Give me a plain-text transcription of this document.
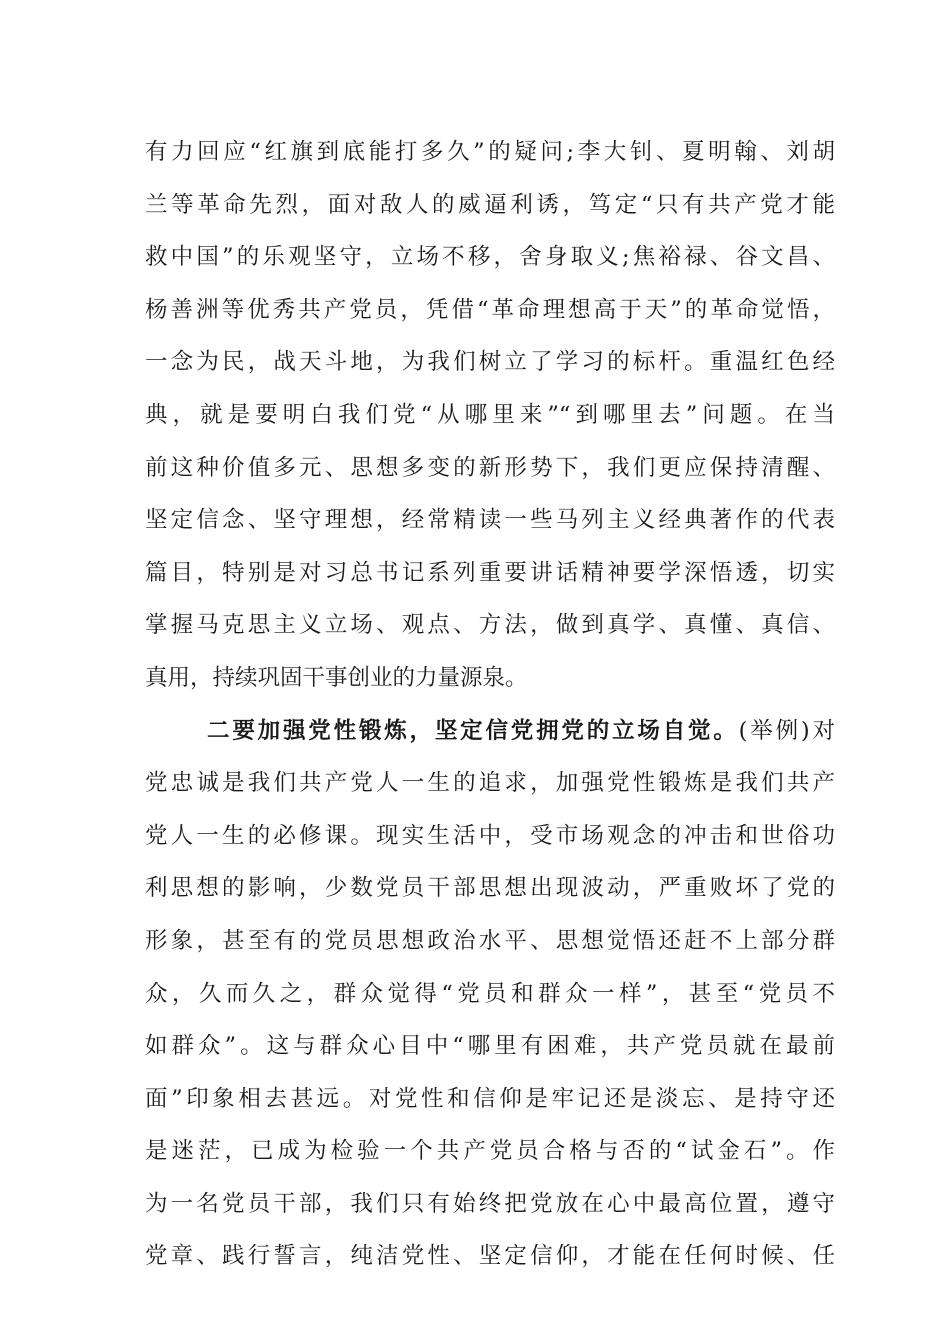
有力回应“红旗到底能打多久”的疑问;李大钊、夏明翰、刘胡
兰等革命先烈，面对敌人的威逼利诱，笃定“只有共产党才能
救中国”的乐观坚守，立场不移，舍身取义;焦裕禄、谷文昌、
杨善洲等优秀共产党员，凭借“革命理想高于天”的革命觉悟，
一念为民，战天斗地，为我们树立了学习的标杆。重温红色经
典，就是要明白我们党“从哪里来”“到哪里去”问题。在当
前这种价值多元、思想多变的新形势下，我们更应保持清醒、
坚定信念、坚守理想，经常精读一些马列主义经典著作的代表
篇目，特别是对习总书记系列重要讲话精神要学深悟透，切实
掌握马克思主义立场、观点、方法，做到真学、真懂、真信、
真用，持续巩固干事创业的力量源泉。
二要加强党性锻炼，坚定信党拥党的立场自觉。(举例)对
党忠诚是我们共产党人一生的追求，加强党性锻炼是我们共产
党人一生的必修课。现实生活中，受市场观念的冲击和世俗功
利思想的影响，少数党员干部思想出现波动，严重败坏了党的
形象，甚至有的党员思想政治水平、思想觉悟还赶不上部分群
众，久而久之，群众觉得“党员和群众一样”，甚至“党员不
如群众”。这与群众心目中“哪里有困难，共产党员就在最前
面”印象相去甚远。对党性和信仰是牢记还是淡忘、是持守还
是迷茫，已成为检验一个共产党员合格与否的“试金石”。作
为一名党员干部，我们只有始终把党放在心中最高位置，遵守
党章、践行誓言，纯洁党性、坚定信仰，才能在任何时候、任
